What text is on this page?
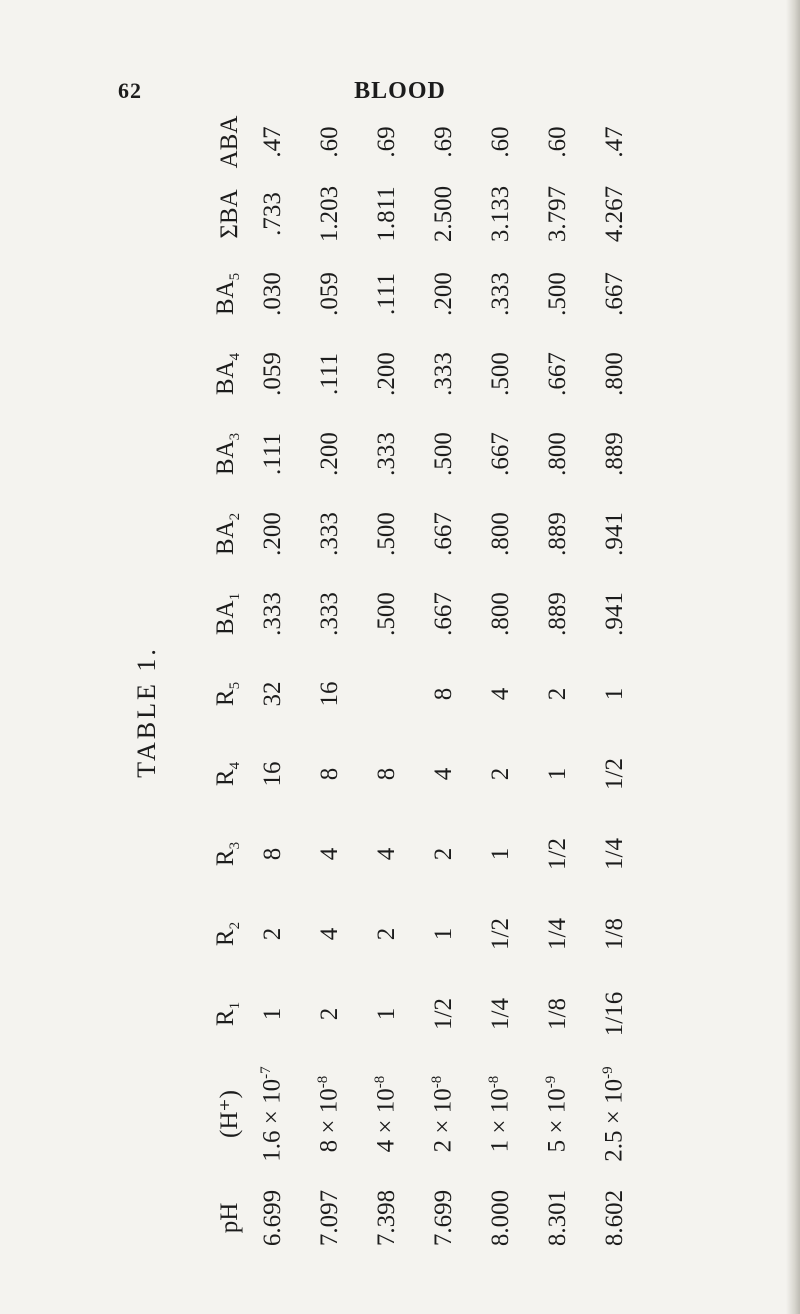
62	BLOOD
TABLE 1.
pH	(H⁺)	$R_1$	$R_2$	$R_3$	$R_4$	$R_5$	$BA_1$	$BA_2$	$BA_3$	$BA_4$	$BA_5$	ΣBA	ABA
6.699	$1.6 \times 10^{-7}$	1	2	8	16	32	.333	.200	.111	.059	.030	.733	.47
7.097	$8 \times 10^{-8}$	2	4	4	8	16	.333	.333	.200	.111	.059	1.203	.60
7.398	$4 \times 10^{-8}$	1	2	4	8		.500	.500	.333	.200	.111	1.811	.69
7.699	$2 \times 10^{-8}$	1/2	1	2	4	8	.667	.667	.500	.333	.200	2.500	.69
8.000	$1 \times 10^{-8}$	1/4	1/2	1	2	4	.800	.800	.667	.500	.333	3.133	.60
8.301	$5 \times 10^{-9}$	1/8	1/4	1/2	1	2	.889	.889	.800	.667	.500	3.797	.60
8.602	$2.5 \times 10^{-9}$	1/16	1/8	1/4	1/2	1	.941	.941	.889	.800	.667	4.267	.47
